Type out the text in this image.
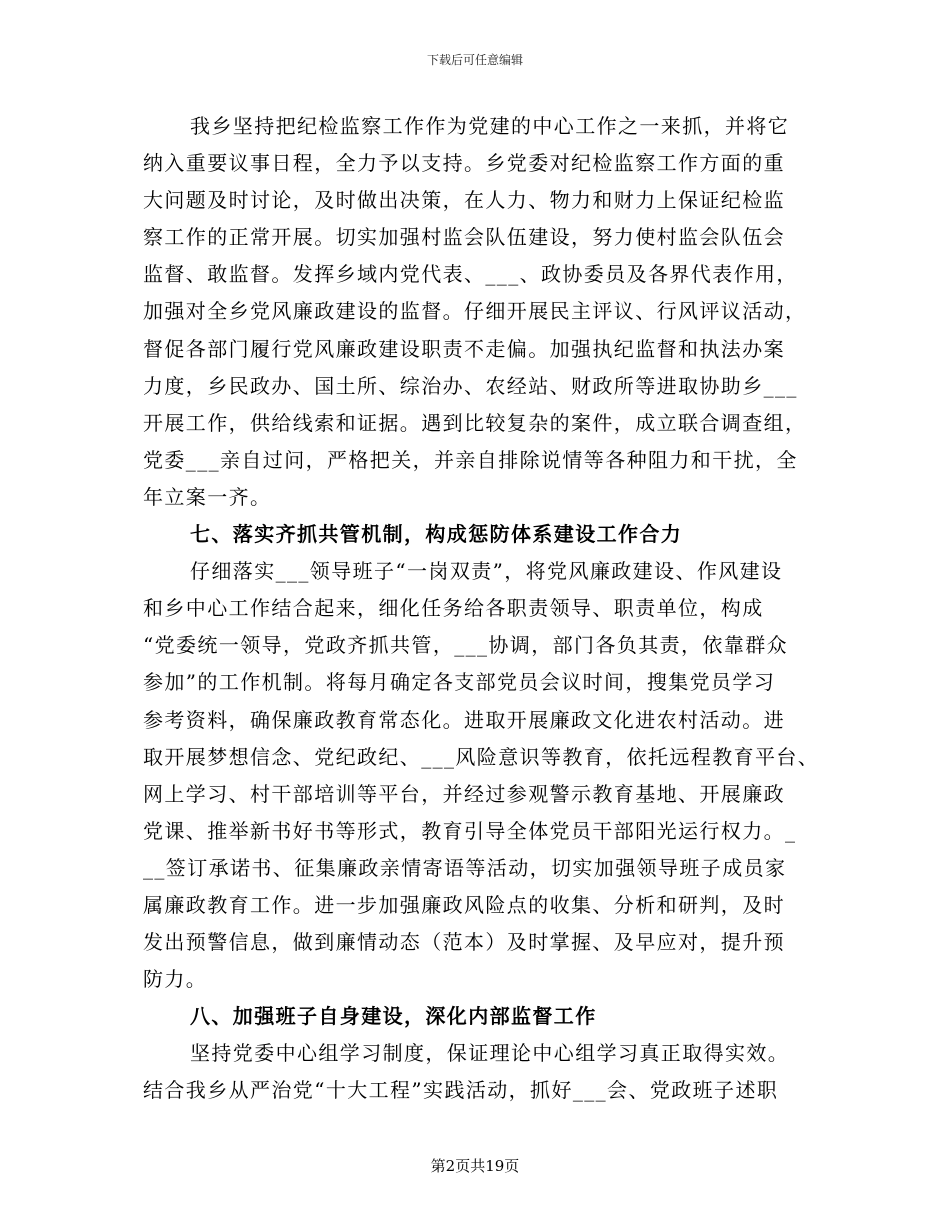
下载后可任意编辑
我乡坚持把纪检监察工作作为党建的中心工作之一来抓，并将它
纳入重要议事日程，全力予以支持。乡党委对纪检监察工作方面的重
大问题及时讨论，及时做出决策，在人力、物力和财力上保证纪检监
察工作的正常开展。切实加强村监会队伍建设，努力使村监会队伍会
监督、敢监督。发挥乡域内党代表、___、政协委员及各界代表作用，
加强对全乡党风廉政建设的监督。仔细开展民主评议、行风评议活动，
督促各部门履行党风廉政建设职责不走偏。加强执纪监督和执法办案
力度，乡民政办、国土所、综治办、农经站、财政所等进取协助乡___
开展工作，供给线索和证据。遇到比较复杂的案件，成立联合调查组，
党委___亲自过问，严格把关，并亲自排除说情等各种阻力和干扰，全
年立案一齐。
七、落实齐抓共管机制，构成惩防体系建设工作合力
仔细落实___领导班子“一岗双责”，将党风廉政建设、作风建设
和乡中心工作结合起来，细化任务给各职责领导、职责单位，构成
“党委统一领导，党政齐抓共管，___协调，部门各负其责，依靠群众
参加”的工作机制。将每月确定各支部党员会议时间，搜集党员学习
参考资料，确保廉政教育常态化。进取开展廉政文化进农村活动。进
取开展梦想信念、党纪政纪、___风险意识等教育，依托远程教育平台、
网上学习、村干部培训等平台，并经过参观警示教育基地、开展廉政
党课、推举新书好书等形式，教育引导全体党员干部阳光运行权力。_
__签订承诺书、征集廉政亲情寄语等活动，切实加强领导班子成员家
属廉政教育工作。进一步加强廉政风险点的收集、分析和研判，及时
发出预警信息，做到廉情动态（范本）及时掌握、及早应对，提升预
防力。
八、加强班子自身建设，深化内部监督工作
坚持党委中心组学习制度，保证理论中心组学习真正取得实效。
结合我乡从严治党“十大工程”实践活动，抓好___会、党政班子述职
第2页共19页
